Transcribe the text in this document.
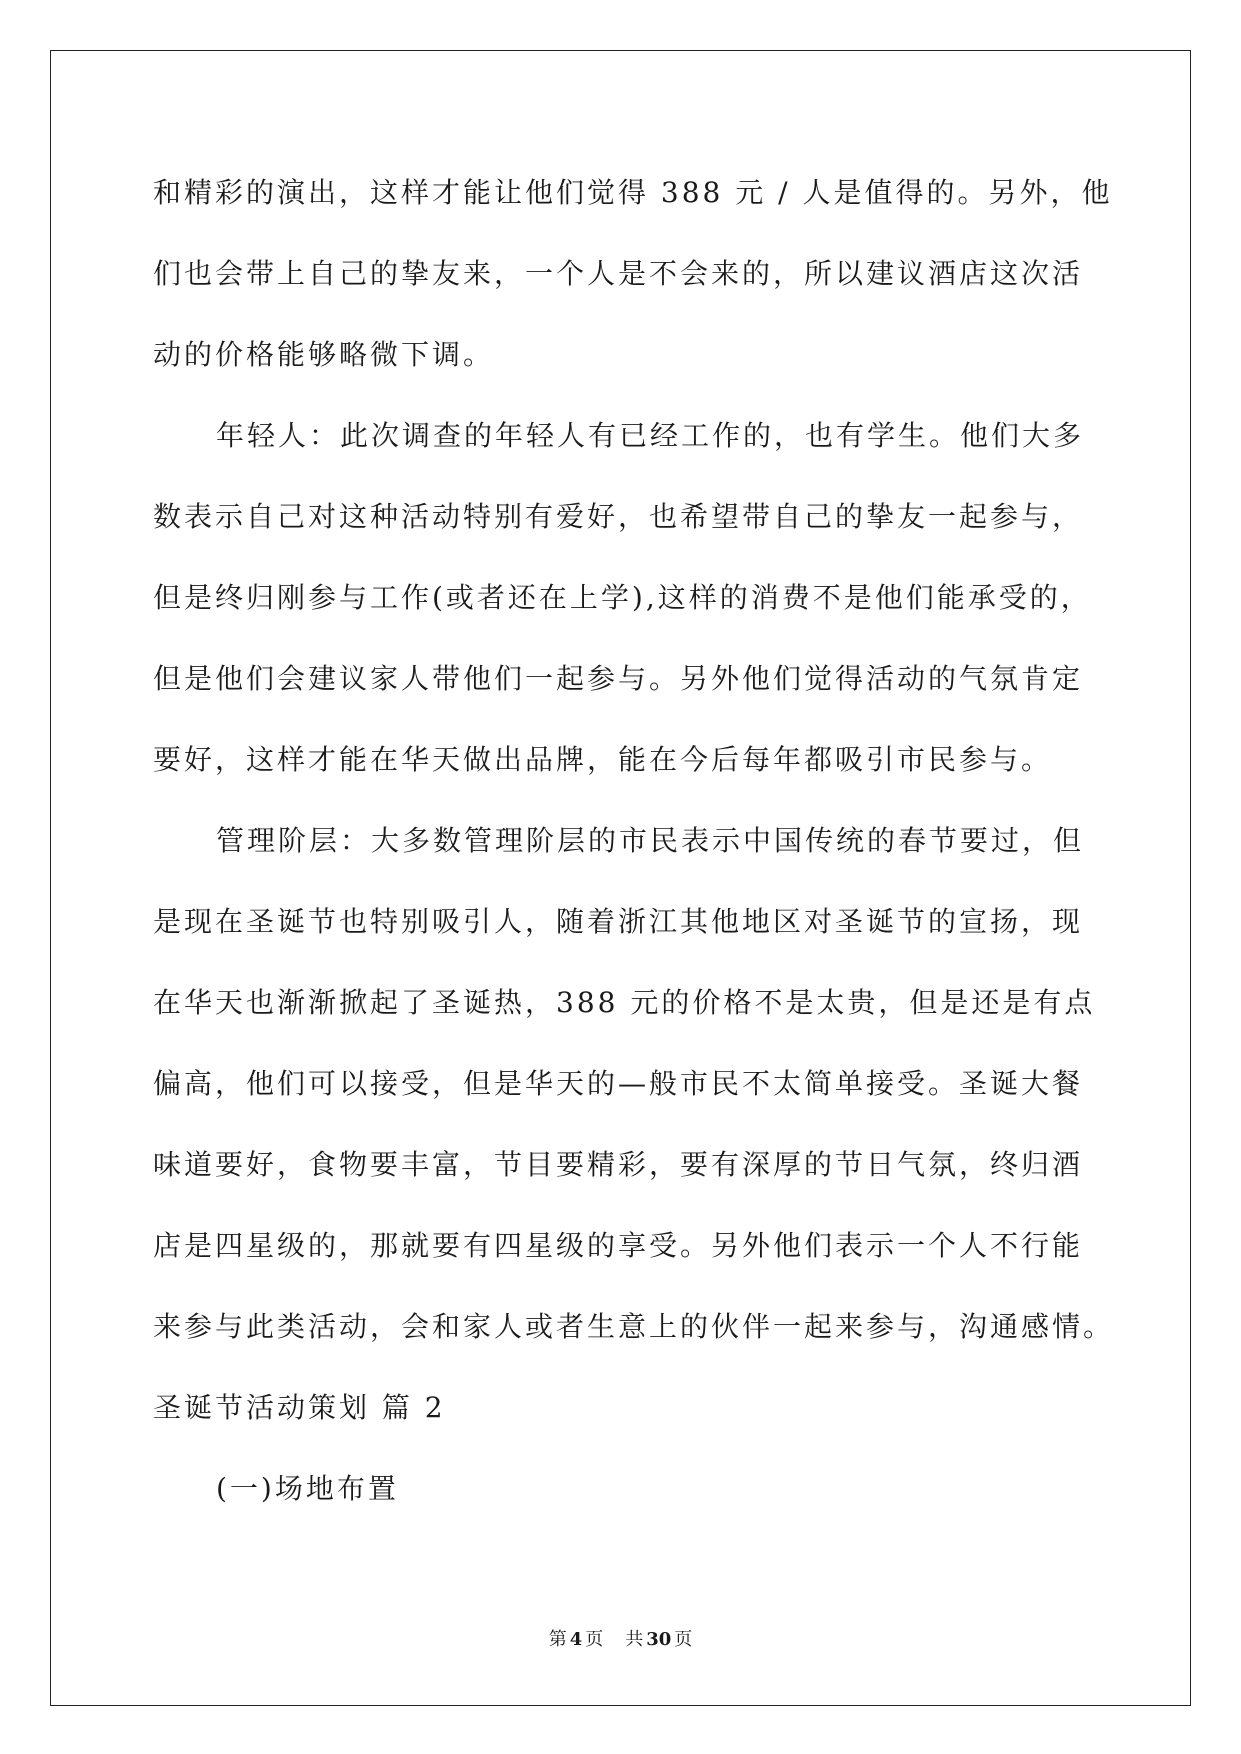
和精彩的演出，这样才能让他们觉得 388 元 / 人是值得的。另外，他
们也会带上自己的挚友来，一个人是不会来的，所以建议酒店这次活
动的价格能够略微下调。
年轻人：此次调查的年轻人有已经工作的，也有学生。他们大多
数表示自己对这种活动特别有爱好，也希望带自己的挚友一起参与，
但是终归刚参与工作(或者还在上学),这样的消费不是他们能承受的，
但是他们会建议家人带他们一起参与。另外他们觉得活动的气氛肯定
要好，这样才能在华天做出品牌，能在今后每年都吸引市民参与。
管理阶层：大多数管理阶层的市民表示中国传统的春节要过，但
是现在圣诞节也特别吸引人，随着浙江其他地区对圣诞节的宣扬，现
在华天也渐渐掀起了圣诞热，388 元的价格不是太贵，但是还是有点
偏高，他们可以接受，但是华天的—般市民不太简单接受。圣诞大餐
味道要好，食物要丰富，节目要精彩，要有深厚的节日气氛，终归酒
店是四星级的，那就要有四星级的享受。另外他们表示一个人不行能
来参与此类活动，会和家人或者生意上的伙伴一起来参与，沟通感情。
圣诞节活动策划 篇 2
(一)场地布置
第 4 页 共 30 页
